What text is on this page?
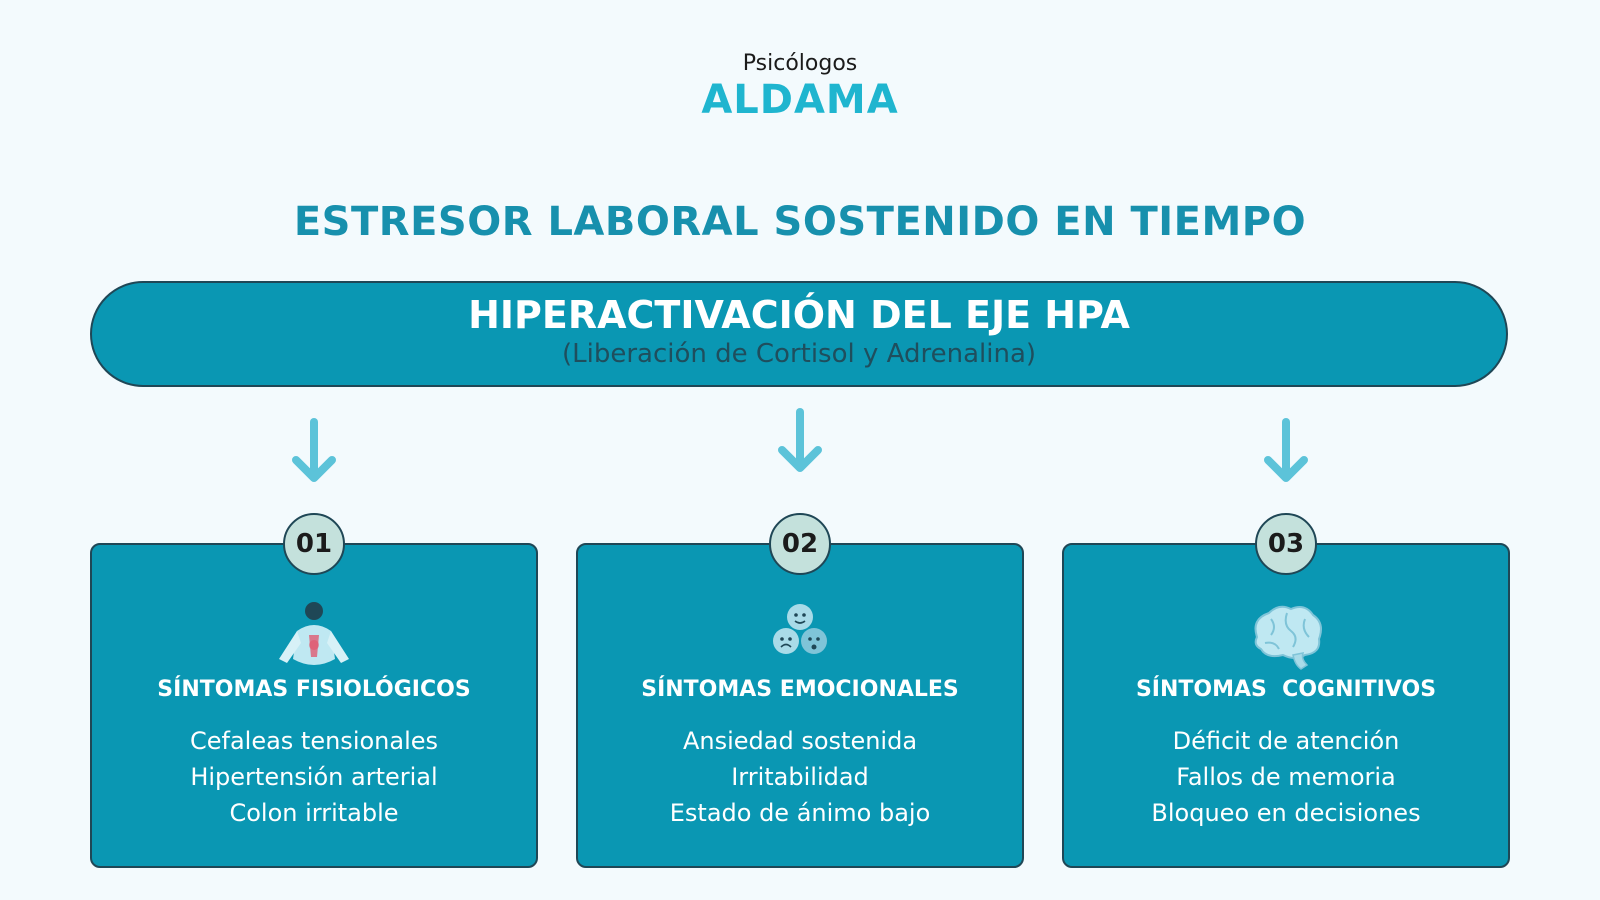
Psicólogos
ALDAMA
ESTRESOR LABORAL SOSTENIDO EN TIEMPO
HIPERACTIVACIÓN DEL EJE HPA
(Liberación de Cortisol y Adrenalina)
01
SÍNTOMAS FISIOLÓGICOS
Cefaleas tensionales
Hipertensión arterial
Colon irritable
02
SÍNTOMAS EMOCIONALES
Ansiedad sostenida
Irritabilidad
Estado de ánimo bajo
03
SÍNTOMAS  COGNITIVOS
Déficit de atención
Fallos de memoria
Bloqueo en decisiones
